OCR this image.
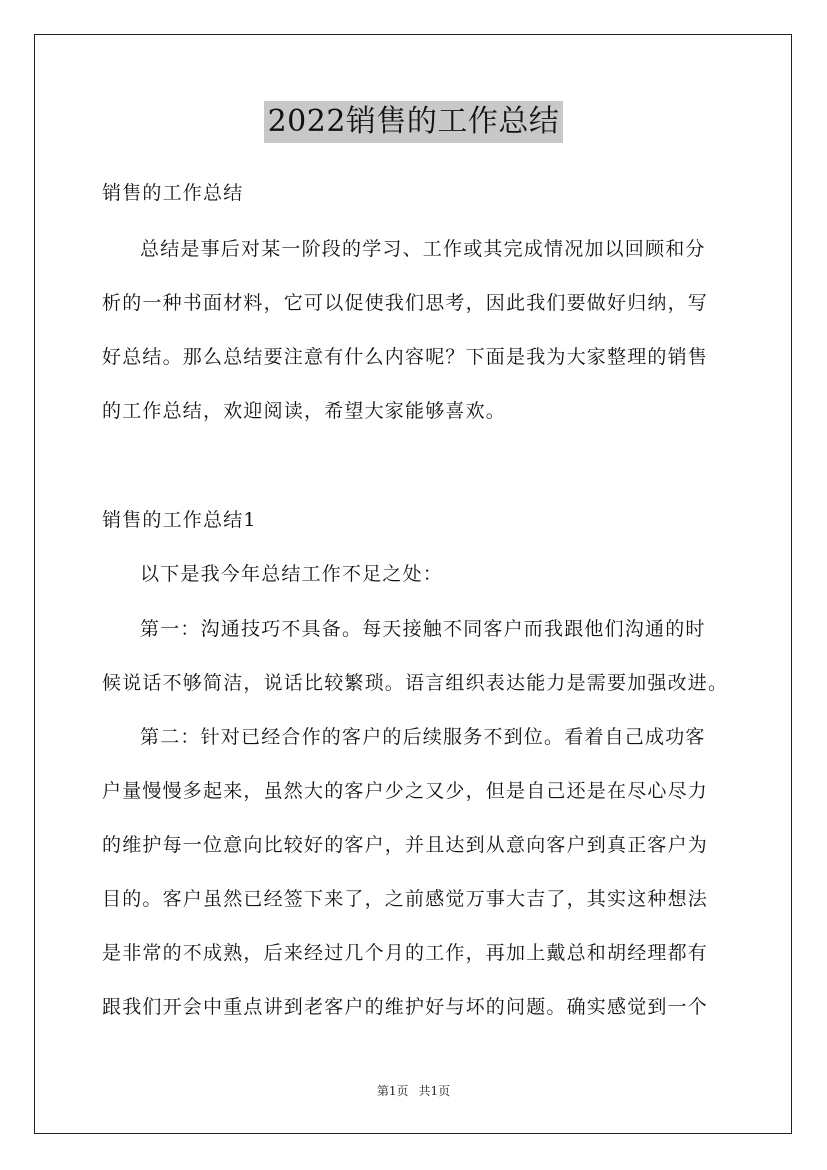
2022销售的工作总结
销售的工作总结
总结是事后对某一阶段的学习、工作或其完成情况加以回顾和分
析的一种书面材料，它可以促使我们思考，因此我们要做好归纳，写
好总结。那么总结要注意有什么内容呢？下面是我为大家整理的销售
的工作总结，欢迎阅读，希望大家能够喜欢。
销售的工作总结1
以下是我今年总结工作不足之处：
第一：沟通技巧不具备。每天接触不同客户而我跟他们沟通的时
候说话不够简洁，说话比较繁琐。语言组织表达能力是需要加强改进。
第二：针对已经合作的客户的后续服务不到位。看着自己成功客
户量慢慢多起来，虽然大的客户少之又少，但是自己还是在尽心尽力
的维护每一位意向比较好的客户，并且达到从意向客户到真正客户为
目的。客户虽然已经签下来了，之前感觉万事大吉了，其实这种想法
是非常的不成熟，后来经过几个月的工作，再加上戴总和胡经理都有
跟我们开会中重点讲到老客户的维护好与坏的问题。确实感觉到一个
第1页 共1页
